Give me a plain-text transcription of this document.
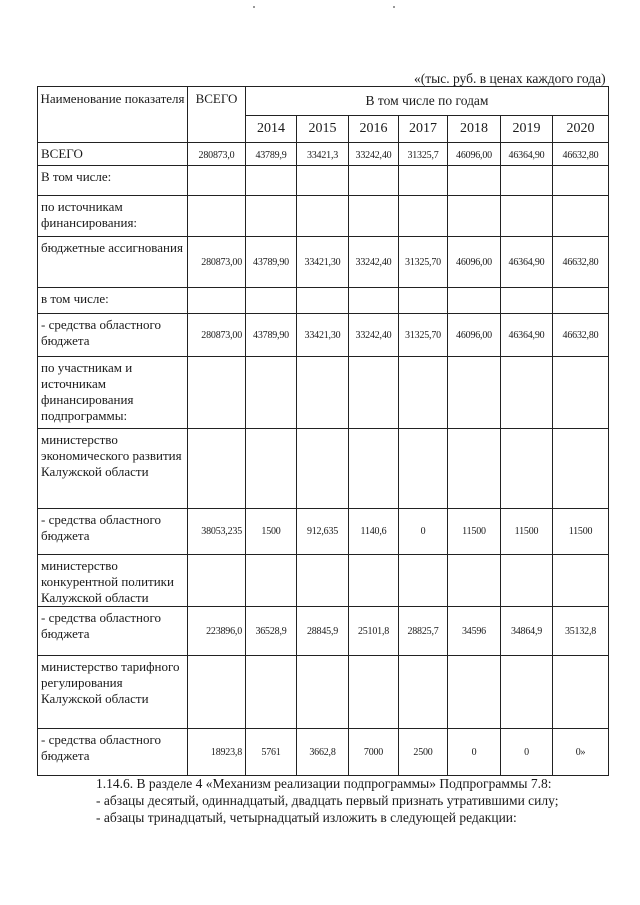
«(тыс. руб. в ценах каждого года)
Наименование показателя	ВСЕГО	В том числе по годам						
		2014	2015	2016	2017	2018	2019	2020
ВСЕГО	280873,0	43789,9	33421,3	33242,40	31325,7	46096,00	46364,90	46632,80
В том числе:								
по источникам финансирования:								
бюджетные ассигнования	280873,00	43789,90	33421,30	33242,40	31325,70	46096,00	46364,90	46632,80
в том числе:								
- средства областного бюджета	280873,00	43789,90	33421,30	33242,40	31325,70	46096,00	46364,90	46632,80
по участникам и источникам финансирования подпрограммы:								
министерство экономического развития Калужской области								
- средства областного бюджета	38053,235	1500	912,635	1140,6	0	11500	11500	11500
министерство конкурентной политики Калужской области								
- средства областного бюджета	223896,0	36528,9	28845,9	25101,8	28825,7	34596	34864,9	35132,8
министерство тарифного регулирования Калужской области								
- средства областного бюджета	18923,8	5761	3662,8	7000	2500	0	0	0»

1.14.6. В разделе 4 «Механизм реализации подпрограммы» Подпрограммы 7.8:

- абзацы десятый, одиннадцатый, двадцать первый признать утратившими силу;

- абзацы тринадцатый, четырнадцатый изложить в следующей редакции:
